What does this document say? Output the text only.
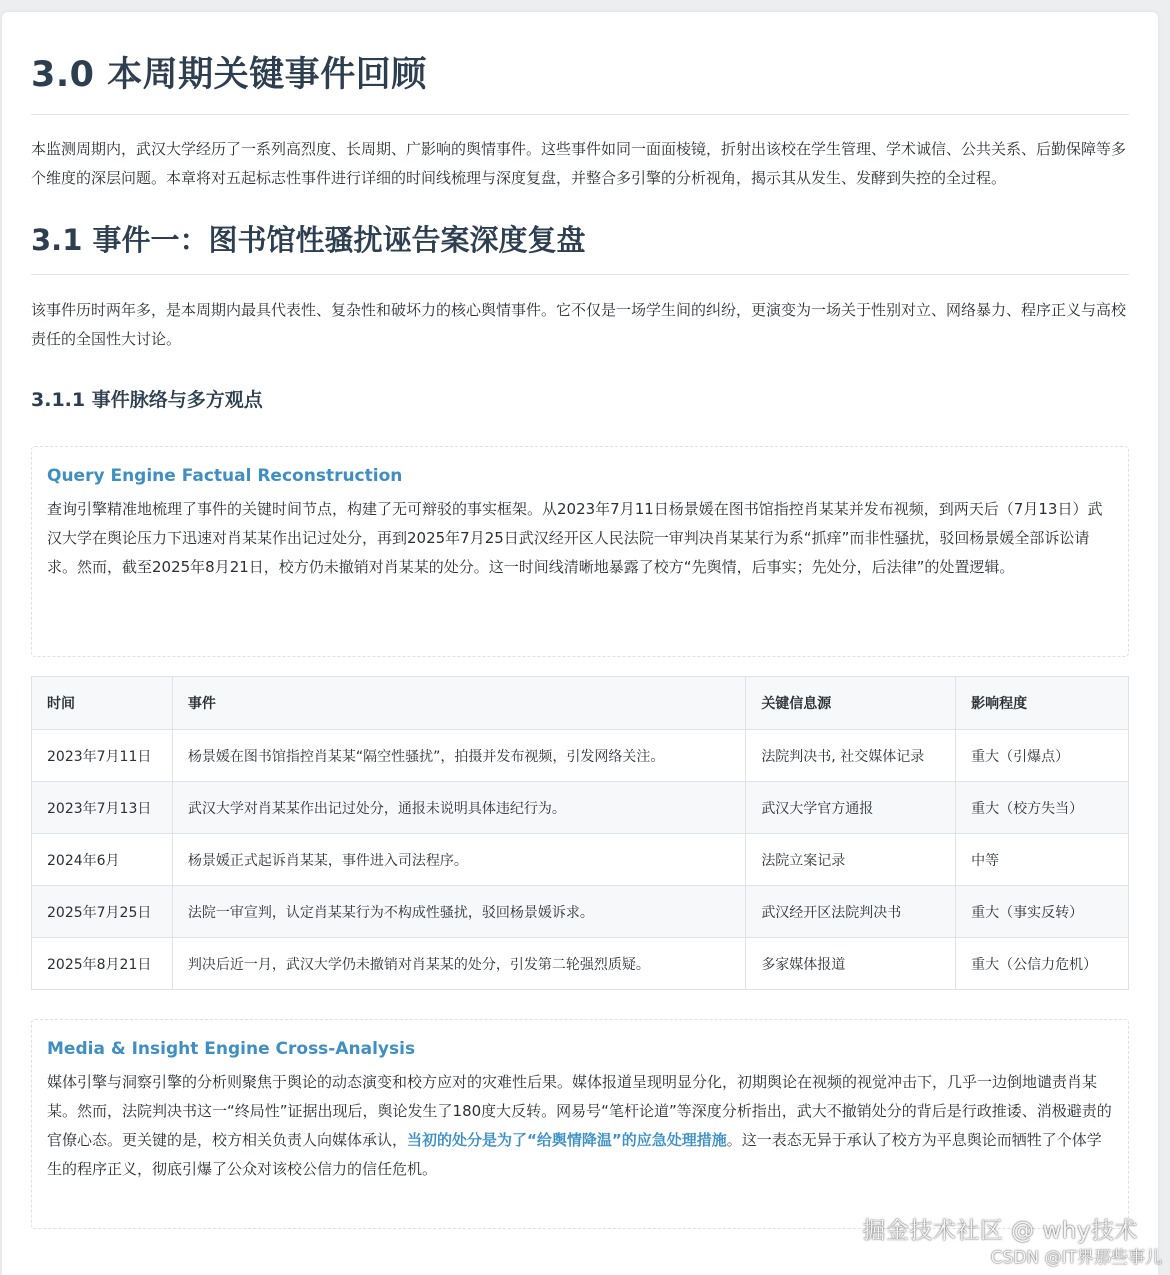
3.0 本周期关键事件回顾

本监测周期内，武汉大学经历了一系列高烈度、长周期、广影响的舆情事件。这些事件如同一面面棱镜，折射出该校在学生管理、学术诚信、公共关系、后勤保障等多个维度的深层问题。本章将对五起标志性事件进行详细的时间线梳理与深度复盘，并整合多引擎的分析视角，揭示其从发生、发酵到失控的全过程。

3.1 事件一：图书馆性骚扰诬告案深度复盘

该事件历时两年多，是本周期内最具代表性、复杂性和破坏力的核心舆情事件。它不仅是一场学生间的纠纷，更演变为一场关于性别对立、网络暴力、程序正义与高校责任的全国性大讨论。

3.1.1 事件脉络与多方观点
Query Engine Factual Reconstruction

查询引擎精准地梳理了事件的关键时间节点，构建了无可辩驳的事实框架。从2023年7月11日杨景媛在图书馆指控肖某某并发布视频，到两天后（7月13日）武汉大学在舆论压力下迅速对肖某某作出记过处分，再到2025年7月25日武汉经开区人民法院一审判决肖某某行为系“抓痒”而非性骚扰，驳回杨景媛全部诉讼请求。然而，截至2025年8月21日，校方仍未撤销对肖某某的处分。这一时间线清晰地暴露了校方“先舆情，后事实；先处分，后法律”的处置逻辑。

时间	事件	关键信息源	影响程度
2023年7月11日	杨景媛在图书馆指控肖某某“隔空性骚扰”，拍摄并发布视频，引发网络关注。	法院判决书, 社交媒体记录	重大（引爆点）
2023年7月13日	武汉大学对肖某某作出记过处分，通报未说明具体违纪行为。	武汉大学官方通报	重大（校方失当）
2024年6月	杨景媛正式起诉肖某某，事件进入司法程序。	法院立案记录	中等
2025年7月25日	法院一审宣判，认定肖某某行为不构成性骚扰，驳回杨景媛诉求。	武汉经开区法院判决书	重大（事实反转）
2025年8月21日	判决后近一月，武汉大学仍未撤销对肖某某的处分，引发第二轮强烈质疑。	多家媒体报道	重大（公信力危机）
Media & Insight Engine Cross-Analysis

媒体引擎与洞察引擎的分析则聚焦于舆论的动态演变和校方应对的灾难性后果。媒体报道呈现明显分化，初期舆论在视频的视觉冲击下，几乎一边倒地谴责肖某某。然而，法院判决书这一“终局性”证据出现后，舆论发生了180度大反转。网易号“笔杆论道”等深度分析指出，武大不撤销处分的背后是行政推诿、消极避责的官僚心态。更关键的是，校方相关负责人向媒体承认，当初的处分是为了“给舆情降温”的应急处理措施。这一表态无异于承认了校方为平息舆论而牺牲了个体学生的程序正义，彻底引爆了公众对该校公信力的信任危机。

掘金技术社区 @ why技术
CSDN @IT界那些事儿
